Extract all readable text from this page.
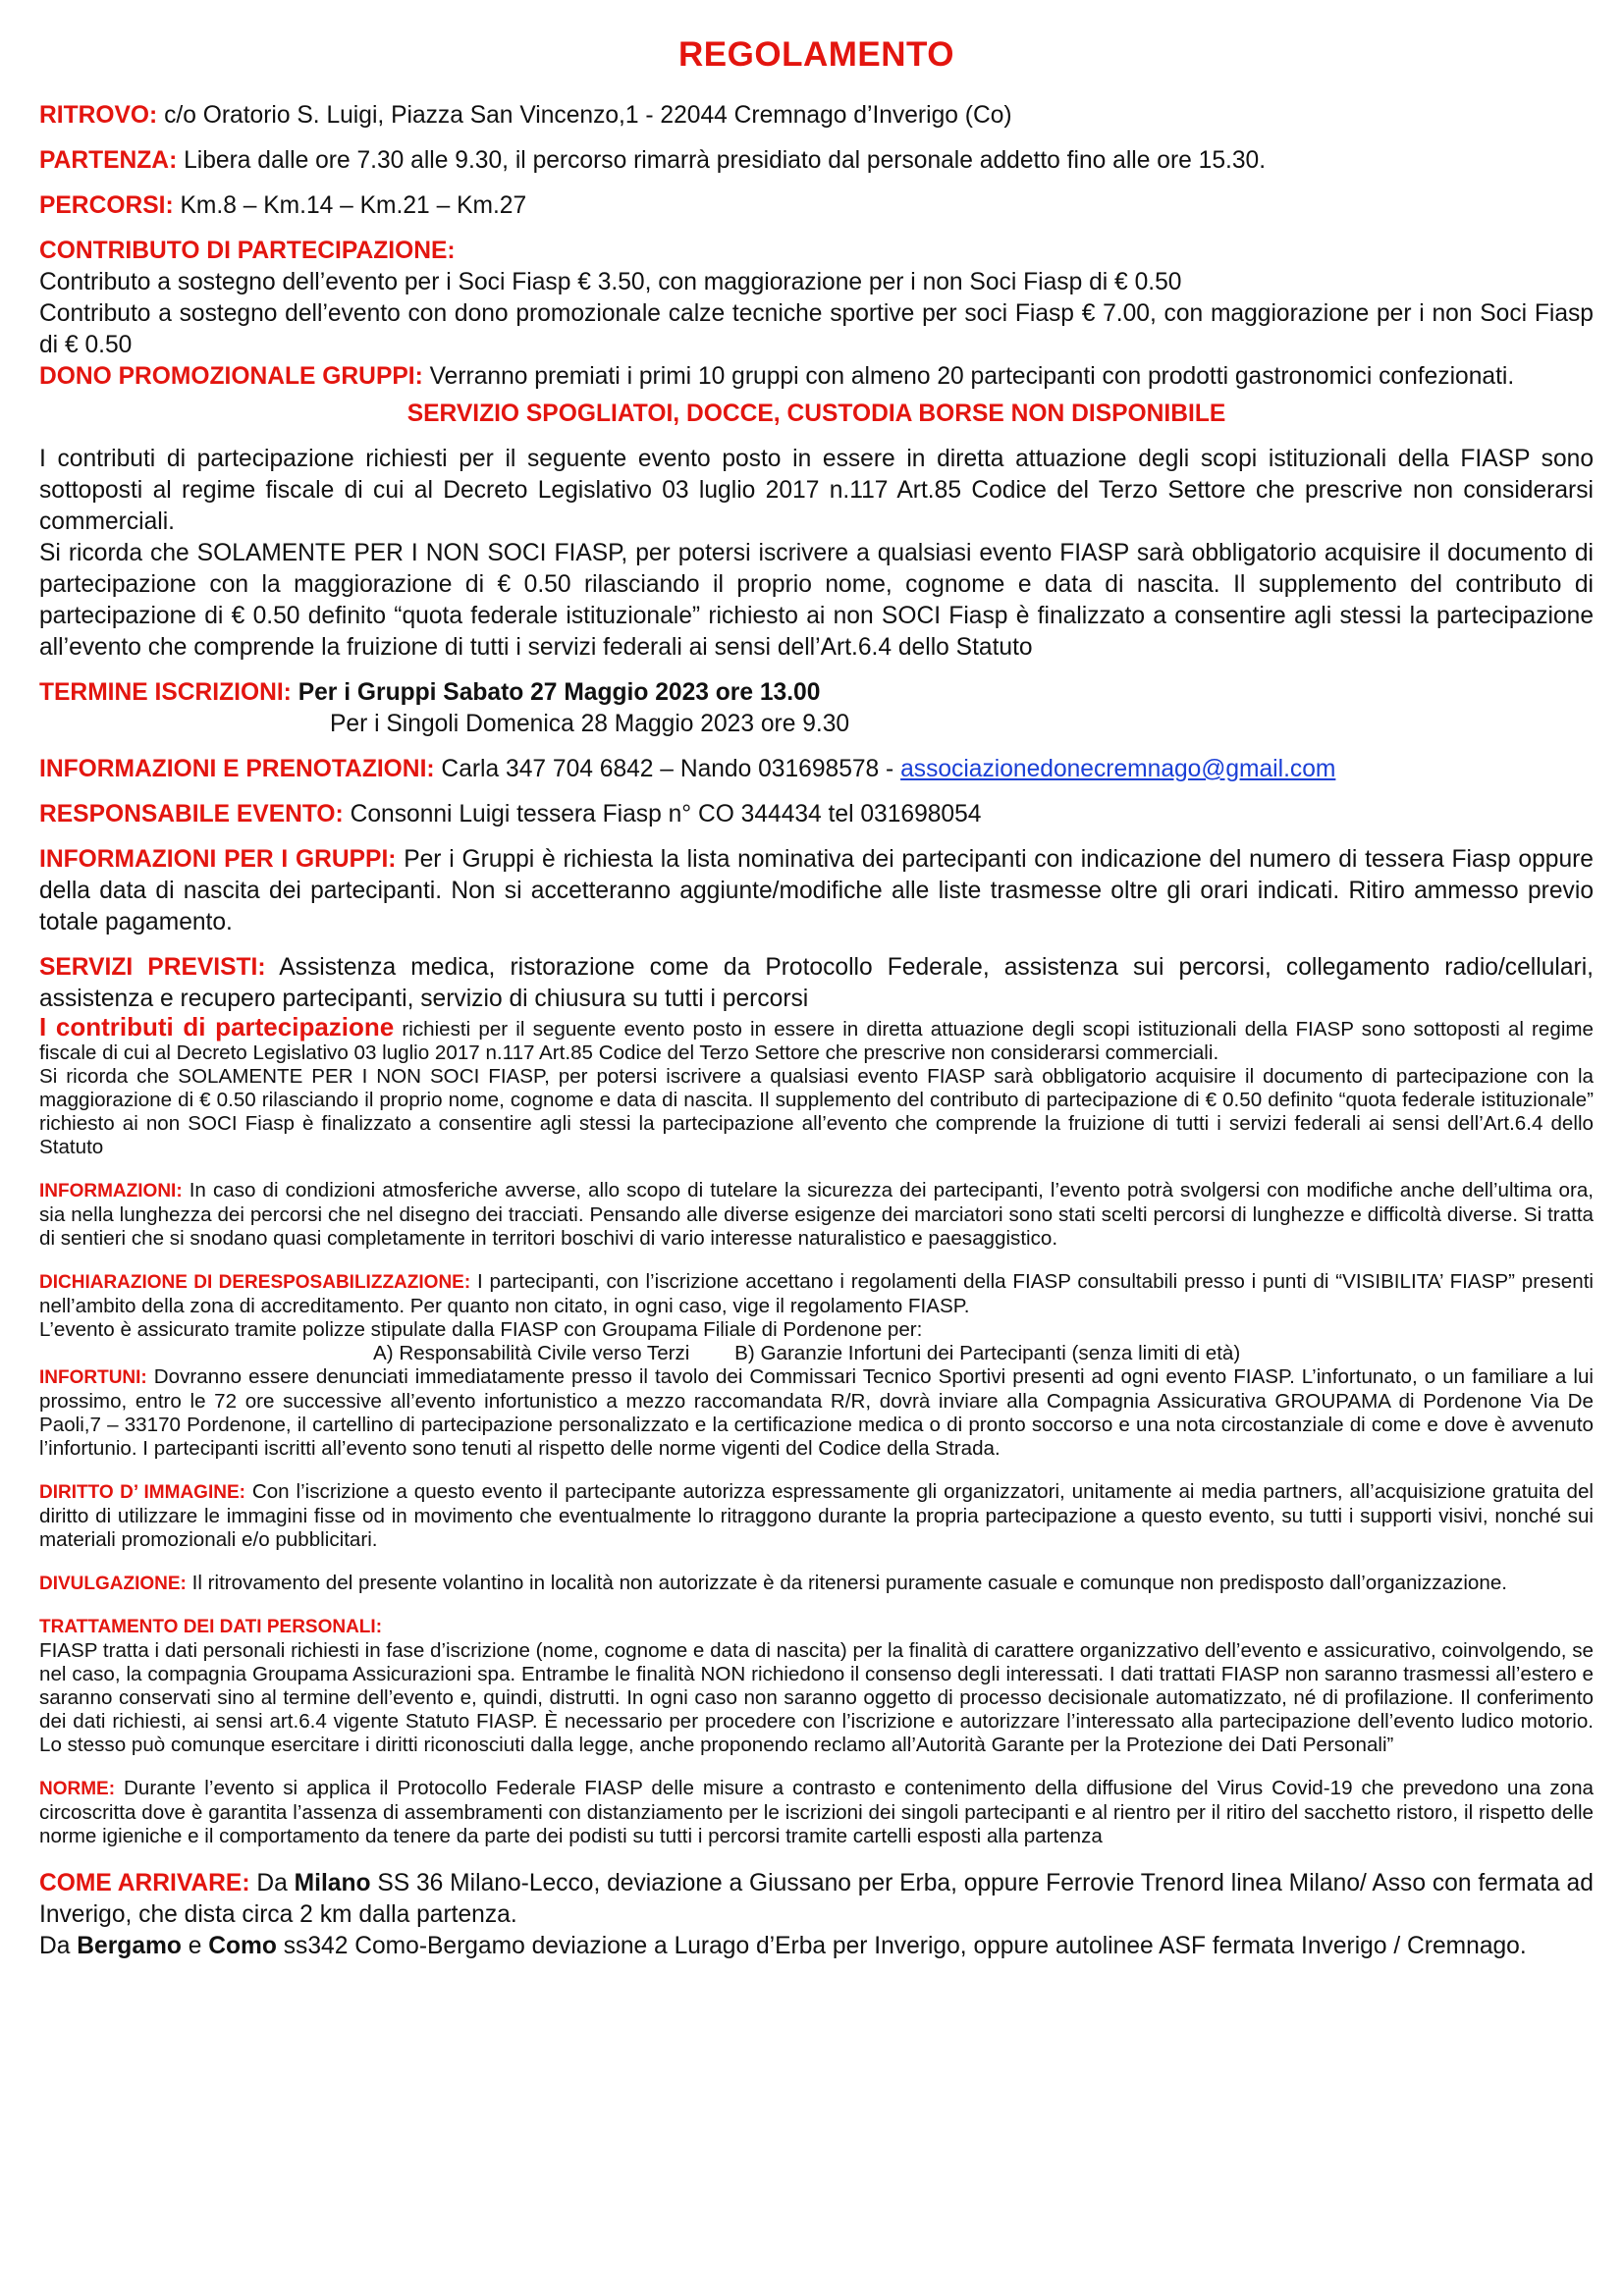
REGOLAMENTO

RITROVO: c/o Oratorio S. Luigi, Piazza San Vincenzo,1 - 22044 Cremnago d’Inverigo (Co)

PARTENZA: Libera dalle ore 7.30 alle 9.30, il percorso rimarrà presidiato dal personale addetto fino alle ore 15.30.

PERCORSI: Km.8 – Km.14 – Km.21 – Km.27

CONTRIBUTO DI PARTECIPAZIONE:

Contributo a sostegno dell’evento per i Soci Fiasp € 3.50, con maggiorazione per i non Soci Fiasp di € 0.50

Contributo a sostegno dell’evento con dono promozionale calze tecniche sportive per soci Fiasp € 7.00, con maggiorazione per i non Soci Fiasp di € 0.50

DONO PROMOZIONALE GRUPPI: Verranno premiati i primi 10 gruppi con almeno 20 partecipanti con prodotti gastronomici confezionati.

SERVIZIO SPOGLIATOI, DOCCE, CUSTODIA BORSE NON DISPONIBILE

I contributi di partecipazione richiesti per il seguente evento posto in essere in diretta attuazione degli scopi istituzionali della FIASP sono sottoposti al regime fiscale di cui al Decreto Legislativo 03 luglio 2017 n.117 Art.85 Codice del Terzo Settore che prescrive non considerarsi commerciali.

Si ricorda che SOLAMENTE PER I NON SOCI FIASP, per potersi iscrivere a qualsiasi evento FIASP sarà obbligatorio acquisire il documento di partecipazione con la maggiorazione di € 0.50 rilasciando il proprio nome, cognome e data di nascita. Il supplemento del contributo di partecipazione di € 0.50 definito “quota federale istituzionale” richiesto ai non SOCI Fiasp è finalizzato a consentire agli stessi la partecipazione all’evento che comprende la fruizione di tutti i servizi federali ai sensi dell’Art.6.4 dello Statuto

TERMINE ISCRIZIONI: Per i Gruppi Sabato 27 Maggio 2023 ore 13.00

Per i Singoli Domenica 28 Maggio 2023 ore 9.30

INFORMAZIONI E PRENOTAZIONI: Carla 347 704 6842 – Nando 031698578 - associazionedonecremnago@gmail.com

RESPONSABILE EVENTO: Consonni Luigi tessera Fiasp n° CO 344434 tel 031698054

INFORMAZIONI PER I GRUPPI: Per i Gruppi è richiesta la lista nominativa dei partecipanti con indicazione del numero di tessera Fiasp oppure della data di nascita dei partecipanti. Non si accetteranno aggiunte/modifiche alle liste trasmesse oltre gli orari indicati. Ritiro ammesso previo totale pagamento.

SERVIZI PREVISTI: Assistenza medica, ristorazione come da Protocollo Federale, assistenza sui percorsi, collegamento radio/cellulari, assistenza e recupero partecipanti, servizio di chiusura su tutti i percorsi

I contributi di partecipazione richiesti per il seguente evento posto in essere in diretta attuazione degli scopi istituzionali della FIASP sono sottoposti al regime fiscale di cui al Decreto Legislativo 03 luglio 2017 n.117 Art.85 Codice del Terzo Settore che prescrive non considerarsi commerciali.

Si ricorda che SOLAMENTE PER I NON SOCI FIASP, per potersi iscrivere a qualsiasi evento FIASP sarà obbligatorio acquisire il documento di partecipazione con la maggiorazione di € 0.50 rilasciando il proprio nome, cognome e data di nascita. Il supplemento del contributo di partecipazione di € 0.50 definito “quota federale istituzionale” richiesto ai non SOCI Fiasp è finalizzato a consentire agli stessi la partecipazione all’evento che comprende la fruizione di tutti i servizi federali ai sensi dell’Art.6.4 dello Statuto

INFORMAZIONI: In caso di condizioni atmosferiche avverse, allo scopo di tutelare la sicurezza dei partecipanti, l’evento potrà svolgersi con modifiche anche dell’ultima ora, sia nella lunghezza dei percorsi che nel disegno dei tracciati. Pensando alle diverse esigenze dei marciatori sono stati scelti percorsi di lunghezze e difficoltà diverse. Si tratta di sentieri che si snodano quasi completamente in territori boschivi di vario interesse naturalistico e paesaggistico.

DICHIARAZIONE DI DERESPOSABILIZZAZIONE: I partecipanti, con l’iscrizione accettano i regolamenti della FIASP consultabili presso i punti di “VISIBILITA’ FIASP” presenti nell’ambito della zona di accreditamento. Per quanto non citato, in ogni caso, vige il regolamento FIASP.

L’evento è assicurato tramite polizze stipulate dalla FIASP con Groupama Filiale di Pordenone per:

A) Responsabilità Civile verso Terzi        B) Garanzie Infortuni dei Partecipanti (senza limiti di età)

INFORTUNI: Dovranno essere denunciati immediatamente presso il tavolo dei Commissari Tecnico Sportivi presenti ad ogni evento FIASP. L’infortunato, o un familiare a lui prossimo, entro le 72 ore successive all’evento infortunistico a mezzo raccomandata R/R, dovrà inviare alla Compagnia Assicurativa GROUPAMA di Pordenone Via De Paoli,7 – 33170 Pordenone, il cartellino di partecipazione personalizzato e la certificazione medica o di pronto soccorso e una nota circostanziale di come e dove è avvenuto l’infortunio. I partecipanti iscritti all’evento sono tenuti al rispetto delle norme vigenti del Codice della Strada.

DIRITTO D’ IMMAGINE: Con l’iscrizione a questo evento il partecipante autorizza espressamente gli organizzatori, unitamente ai media partners, all’acquisizione gratuita del diritto di utilizzare le immagini fisse od in movimento che eventualmente lo ritraggono durante la propria partecipazione a questo evento, su tutti i supporti visivi, nonché sui materiali promozionali e/o pubblicitari.

DIVULGAZIONE: Il ritrovamento del presente volantino in località non autorizzate è da ritenersi puramente casuale e comunque non predisposto dall’organizzazione.

TRATTAMENTO DEI DATI PERSONALI:

FIASP tratta i dati personali richiesti in fase d’iscrizione (nome, cognome e data di nascita) per la finalità di carattere organizzativo dell’evento e assicurativo, coinvolgendo, se nel caso, la compagnia Groupama Assicurazioni spa. Entrambe le finalità NON richiedono il consenso degli interessati. I dati trattati FIASP non saranno trasmessi all’estero e saranno conservati sino al termine dell’evento e, quindi, distrutti. In ogni caso non saranno oggetto di processo decisionale automatizzato, né di profilazione. Il conferimento dei dati richiesti, ai sensi art.6.4 vigente Statuto FIASP. È necessario per procedere con l’iscrizione e autorizzare l’interessato alla partecipazione dell’evento ludico motorio. Lo stesso può comunque esercitare i diritti riconosciuti dalla legge, anche proponendo reclamo all’Autorità Garante per la Protezione dei Dati Personali”

NORME: Durante l’evento si applica il Protocollo Federale FIASP delle misure a contrasto e contenimento della diffusione del Virus Covid-19 che prevedono una zona circoscritta dove è garantita l’assenza di assembramenti con distanziamento per le iscrizioni dei singoli partecipanti e al rientro per il ritiro del sacchetto ristoro, il rispetto delle norme igieniche e il comportamento da tenere da parte dei podisti su tutti i percorsi tramite cartelli esposti alla partenza

COME ARRIVARE: Da Milano SS 36 Milano-Lecco, deviazione a Giussano per Erba, oppure Ferrovie Trenord linea Milano/ Asso con fermata ad Inverigo, che dista circa 2 km dalla partenza.

Da Bergamo e Como ss342 Como-Bergamo deviazione a Lurago d’Erba per Inverigo, oppure autolinee ASF fermata Inverigo / Cremnago.
